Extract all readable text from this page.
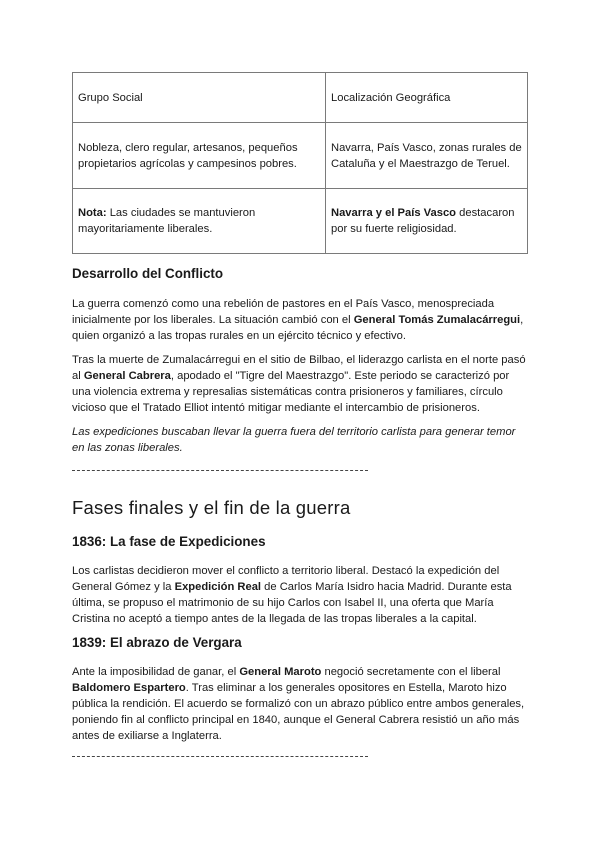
Grupo Social	Localización Geográfica
Nobleza, clero regular, artesanos, pequeños propietarios agrícolas y campesinos pobres.	Navarra, País Vasco, zonas rurales de Cataluña y el Maestrazgo de Teruel.
Nota: Las ciudades se mantuvieron mayoritariamente liberales.	Navarra y el País Vasco destacaron por su fuerte religiosidad.
Desarrollo del Conflicto

La guerra comenzó como una rebelión de pastores en el País Vasco, menospreciada inicialmente por los liberales. La situación cambió con el General Tomás Zumalacárregui, quien organizó a las tropas rurales en un ejército técnico y efectivo.

Tras la muerte de Zumalacárregui en el sitio de Bilbao, el liderazgo carlista en el norte pasó al General Cabrera, apodado el "Tigre del Maestrazgo". Este periodo se caracterizó por una violencia extrema y represalias sistemáticas contra prisioneros y familiares, círculo vicioso que el Tratado Elliot intentó mitigar mediante el intercambio de prisioneros.

Las expediciones buscaban llevar la guerra fuera del territorio carlista para generar temor en las zonas liberales.

Fases finales y el fin de la guerra
1836: La fase de Expediciones

Los carlistas decidieron mover el conflicto a territorio liberal. Destacó la expedición del General Gómez y la Expedición Real de Carlos María Isidro hacia Madrid. Durante esta última, se propuso el matrimonio de su hijo Carlos con Isabel II, una oferta que María Cristina no aceptó a tiempo antes de la llegada de las tropas liberales a la capital.

1839: El abrazo de Vergara

Ante la imposibilidad de ganar, el General Maroto negoció secretamente con el liberal Baldomero Espartero. Tras eliminar a los generales opositores en Estella, Maroto hizo pública la rendición. El acuerdo se formalizó con un abrazo público entre ambos generales, poniendo fin al conflicto principal en 1840, aunque el General Cabrera resistió un año más antes de exiliarse a Inglaterra.
